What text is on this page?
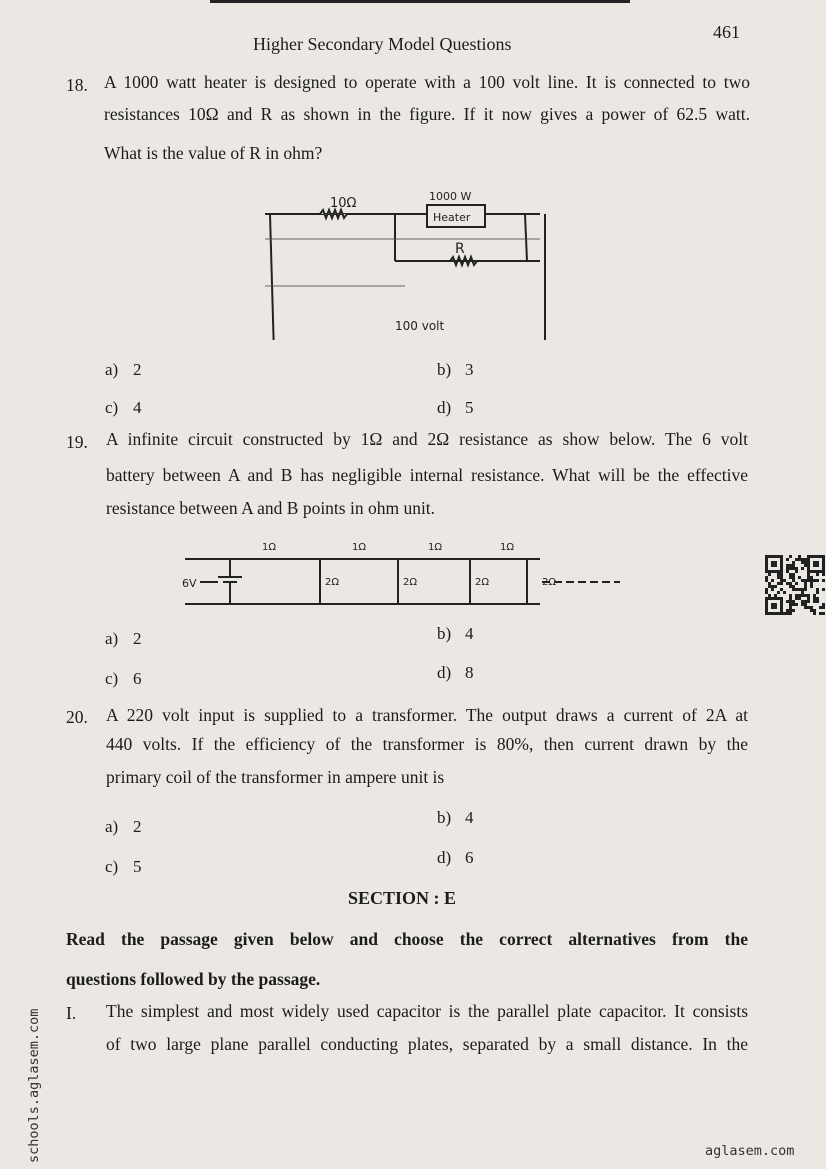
Higher Secondary Model Questions
461
18. A 1000 watt heater is designed to operate with a 100 volt line. It is connected to two
resistances 10Ω and R as shown in the figure. If it now gives a power of 62.5 watt.
What is the value of R in ohm?
10Ω	1000 W
Heater
R
100 volt
a) 2	b) 3
c) 4	d) 5
19. A infinite circuit constructed by 1Ω and 2Ω resistance as show below. The 6 volt
battery between A and B has negligible internal resistance. What will be the effective
resistance between A and B points in ohm unit.
6V
1Ω	1Ω	1Ω	1Ω
2Ω	2Ω	2Ω	2Ω
a) 2	b) 4
c) 6	d) 8
20. A 220 volt input is supplied to a transformer. The output draws a current of 2A at
440 volts. If the efficiency of the transformer is 80%, then current drawn by the
primary coil of the transformer in ampere unit is
a) 2	b) 4
c) 5	d) 6
SECTION : E
Read the passage given below and choose the correct alternatives from the
questions followed by the passage.
I. The simplest and most widely used capacitor is the parallel plate capacitor. It consists
of two large plane parallel conducting plates, separated by a small distance. In the
schools.aglasem.com	aglasem.com
